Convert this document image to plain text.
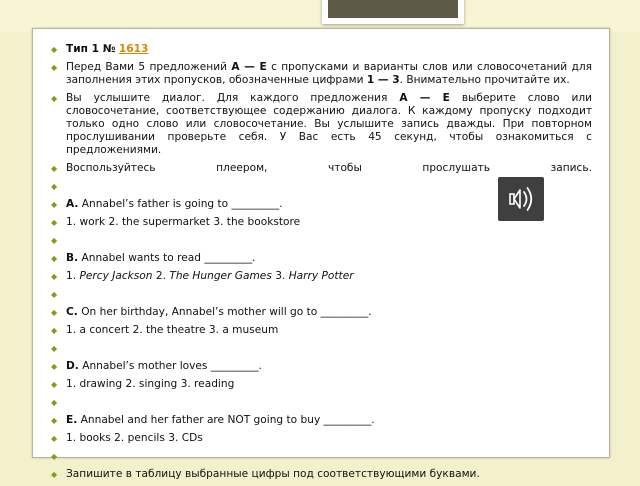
◆ Тип 1 № 1613
◆ Перед Вами 5 предложений А — Е с пропусками и варианты слов или словосочетаний для заполнения этих пропусков, обозначенные цифрами 1 — 3. Внимательно прочитайте их.
◆ Вы услышите диалог. Для каждого предложения А — Е выберите слово или словосочетание, соответствующее содержанию диалога. К каждому пропуску подходит только одно слово или словосочетание. Вы услышите запись дважды. При повторном прослушивании проверьте себя. У Вас есть 45 секунд, чтобы ознакомиться с предложениями.
◆ Воспользуйтесь	плеером,	чтобы	прослушать	запись.
◆
◆ A. Annabel’s father is going to _________.
◆ 1. work 2. the supermarket 3. the bookstore
◆
◆ B. Annabel wants to read _________.
◆ 1. Percy Jackson 2. The Hunger Games 3. Harry Potter
◆
◆ C. On her birthday, Annabel’s mother will go to _________.
◆ 1. a concert 2. the theatre 3. a museum
◆
◆ D. Annabel’s mother loves _________.
◆ 1. drawing 2. singing 3. reading
◆
◆ E. Annabel and her father are NOT going to buy _________.
◆ 1. books 2. pencils 3. CDs
◆
◆ Запишите в таблицу выбранные цифры под соответствующими буквами.
